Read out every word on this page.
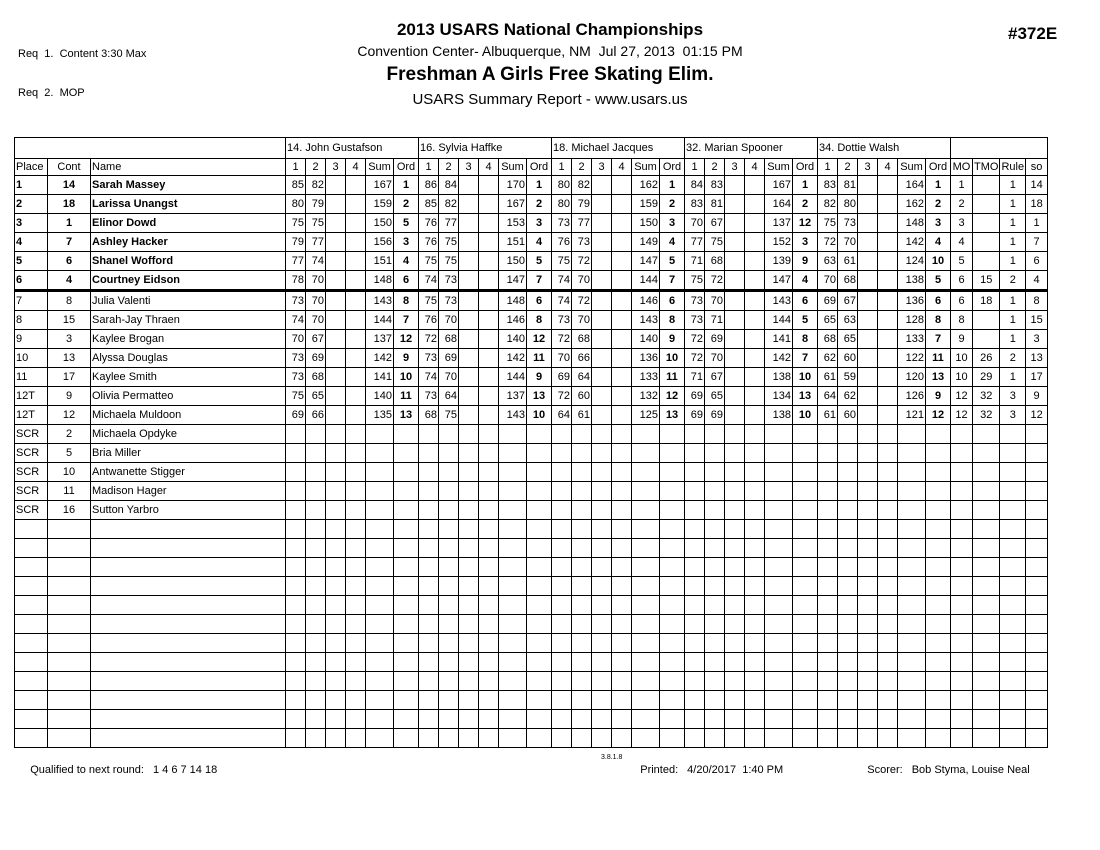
Req  1.  Content 3:30 Max

Req  2.  MOP

2013 USARS National Championships
Convention Center- Albuquerque, NM  Jul 27, 2013  01:15 PM
Freshman A Girls Free Skating Elim.
USARS Summary Report - www.usars.us
#372E
			14. John Gustafson						16. Sylvia Haffke						18. Michael Jacques						32. Marian Spooner						34. Dottie Walsh									
Place	Cont	Name	1	2	3	4	Sum	Ord	1	2	3	4	Sum	Ord	1	2	3	4	Sum	Ord	1	2	3	4	Sum	Ord	1	2	3	4	Sum	Ord	MO	TMO	Rule	so
1	14	Sarah Massey	85	82			167	1	86	84			170	1	80	82			162	1	84	83			167	1	83	81			164	1	1		1	14
2	18	Larissa Unangst	80	79			159	2	85	82			167	2	80	79			159	2	83	81			164	2	82	80			162	2	2		1	18
3	1	Elinor Dowd	75	75			150	5	76	77			153	3	73	77			150	3	70	67			137	12	75	73			148	3	3		1	1
4	7	Ashley Hacker	79	77			156	3	76	75			151	4	76	73			149	4	77	75			152	3	72	70			142	4	4		1	7
5	6	Shanel Wofford	77	74			151	4	75	75			150	5	75	72			147	5	71	68			139	9	63	61			124	10	5		1	6
6	4	Courtney Eidson	78	70			148	6	74	73			147	7	74	70			144	7	75	72			147	4	70	68			138	5	6	15	2	4
7	8	Julia Valenti	73	70			143	8	75	73			148	6	74	72			146	6	73	70			143	6	69	67			136	6	6	18	1	8
8	15	Sarah-Jay Thraen	74	70			144	7	76	70			146	8	73	70			143	8	73	71			144	5	65	63			128	8	8		1	15
9	3	Kaylee Brogan	70	67			137	12	72	68			140	12	72	68			140	9	72	69			141	8	68	65			133	7	9		1	3
10	13	Alyssa Douglas	73	69			142	9	73	69			142	11	70	66			136	10	72	70			142	7	62	60			122	11	10	26	2	13
11	17	Kaylee Smith	73	68			141	10	74	70			144	9	69	64			133	11	71	67			138	10	61	59			120	13	10	29	1	17
12T	9	Olivia Permatteo	75	65			140	11	73	64			137	13	72	60			132	12	69	65			134	13	64	62			126	9	12	32	3	9
12T	12	Michaela Muldoon	69	66			135	13	68	75			143	10	64	61			125	13	69	69			138	10	61	60			121	12	12	32	3	12
SCR	2	Michaela Opdyke																																		
SCR	5	Bria Miller																																		
SCR	10	Antwanette Stigger																																		
SCR	11	Madison Hager																																		
SCR	16	Sutton Yarbro																																		

Qualified to next round: 1 4 6 7 14 18

3.8.1.8

Printed: 4/20/2017  1:40 PM
	Scorer: Bob Styma, Louise Neal
